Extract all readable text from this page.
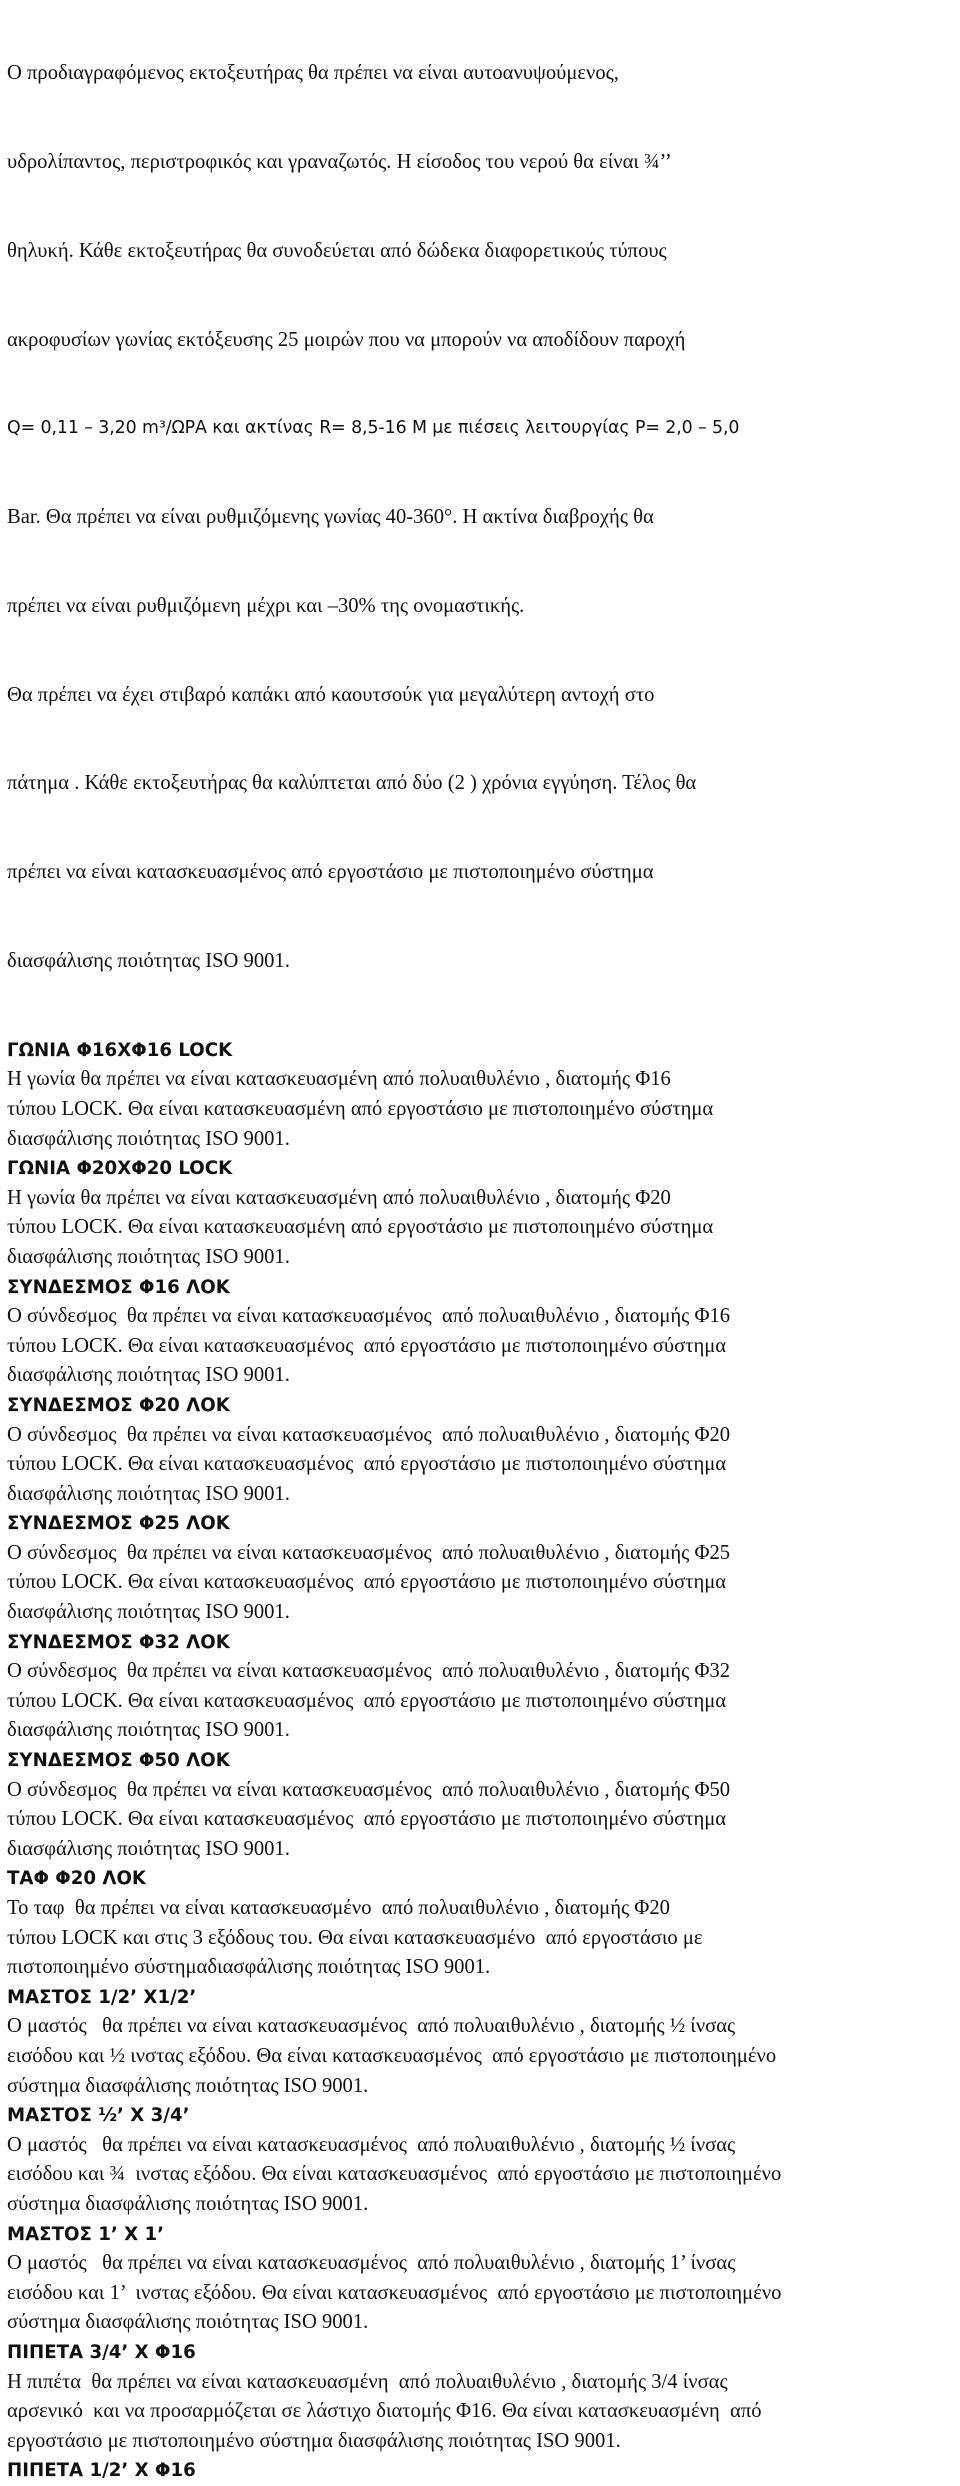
Ο προδιαγραφόμενος εκτοξευτήρας θα πρέπει να είναι αυτοανυψούμενος,

υδρολίπαντος, περιστροφικός και γραναζωτός. Η είσοδος του νερού θα είναι ¾’’

θηλυκή. Κάθε εκτοξευτήρας θα συνοδεύεται από δώδεκα διαφορετικούς τύπους

ακροφυσίων γωνίας εκτόξευσης 25 μοιρών που να μπορούν να αποδίδουν παροχή

Q= 0,11 – 3,20 m³/ΩΡΑ και ακτίνας R= 8,5-16 M με πιέσεις λειτουργίας P= 2,0 – 5,0

Bar. Θα πρέπει να είναι ρυθμιζόμενης γωνίας 40-360°. Η ακτίνα διαβροχής θα

πρέπει να είναι ρυθμιζόμενη μέχρι και –30% της ονομαστικής.

Θα πρέπει να έχει στιβαρό καπάκι από καουτσούκ για μεγαλύτερη αντοχή στο

πάτημα . Κάθε εκτοξευτήρας θα καλύπτεται από δύο (2 ) χρόνια εγγύηση. Τέλος θα

πρέπει να είναι κατασκευασμένος από εργοστάσιο με πιστοποιημένο σύστημα

διασφάλισης ποιότητας ISO 9001.

ΓΩΝΙΑ Φ16ΧΦ16 LOCK
Η γωνία θα πρέπει να είναι κατασκευασμένη από πολυαιθυλένιο , διατομής Φ16
τύπου LOCK. Θα είναι κατασκευασμένη από εργοστάσιο με πιστοποιημένο σύστημα
διασφάλισης ποιότητας ISO 9001.
ΓΩΝΙΑ Φ20ΧΦ20 LOCK
Η γωνία θα πρέπει να είναι κατασκευασμένη από πολυαιθυλένιο , διατομής Φ20
τύπου LOCK. Θα είναι κατασκευασμένη από εργοστάσιο με πιστοποιημένο σύστημα
διασφάλισης ποιότητας ISO 9001.
ΣΥΝΔΕΣΜΟΣ Φ16 ΛΟΚ
Ο σύνδεσμος  θα πρέπει να είναι κατασκευασμένος  από πολυαιθυλένιο , διατομής Φ16
τύπου LOCK. Θα είναι κατασκευασμένος  από εργοστάσιο με πιστοποιημένο σύστημα
διασφάλισης ποιότητας ISO 9001.
ΣΥΝΔΕΣΜΟΣ Φ20 ΛΟΚ
Ο σύνδεσμος  θα πρέπει να είναι κατασκευασμένος  από πολυαιθυλένιο , διατομής Φ20
τύπου LOCK. Θα είναι κατασκευασμένος  από εργοστάσιο με πιστοποιημένο σύστημα
διασφάλισης ποιότητας ISO 9001.
ΣΥΝΔΕΣΜΟΣ Φ25 ΛΟΚ
Ο σύνδεσμος  θα πρέπει να είναι κατασκευασμένος  από πολυαιθυλένιο , διατομής Φ25
τύπου LOCK. Θα είναι κατασκευασμένος  από εργοστάσιο με πιστοποιημένο σύστημα
διασφάλισης ποιότητας ISO 9001.
ΣΥΝΔΕΣΜΟΣ Φ32 ΛΟΚ
Ο σύνδεσμος  θα πρέπει να είναι κατασκευασμένος  από πολυαιθυλένιο , διατομής Φ32
τύπου LOCK. Θα είναι κατασκευασμένος  από εργοστάσιο με πιστοποιημένο σύστημα
διασφάλισης ποιότητας ISO 9001.
ΣΥΝΔΕΣΜΟΣ Φ50 ΛΟΚ
Ο σύνδεσμος  θα πρέπει να είναι κατασκευασμένος  από πολυαιθυλένιο , διατομής Φ50
τύπου LOCK. Θα είναι κατασκευασμένος  από εργοστάσιο με πιστοποιημένο σύστημα
διασφάλισης ποιότητας ISO 9001.
ΤΑΦ Φ20 ΛΟΚ
Το ταφ  θα πρέπει να είναι κατασκευασμένο  από πολυαιθυλένιο , διατομής Φ20
τύπου LOCK και στις 3 εξόδους του. Θα είναι κατασκευασμένο  από εργοστάσιο με
πιστοποιημένο σύστημαδιασφάλισης ποιότητας ISO 9001.
ΜΑΣΤΟΣ 1/2’ Χ1/2’
Ο μαστός   θα πρέπει να είναι κατασκευασμένος  από πολυαιθυλένιο , διατομής ½ ίνσας
εισόδου και ½ ινστας εξόδου. Θα είναι κατασκευασμένος  από εργοστάσιο με πιστοποιημένο
σύστημα διασφάλισης ποιότητας ISO 9001.
ΜΑΣΤΟΣ ½’ Χ 3/4’
Ο μαστός   θα πρέπει να είναι κατασκευασμένος  από πολυαιθυλένιο , διατομής ½ ίνσας
εισόδου και ¾  ινστας εξόδου. Θα είναι κατασκευασμένος  από εργοστάσιο με πιστοποιημένο
σύστημα διασφάλισης ποιότητας ISO 9001.
ΜΑΣΤΟΣ 1’ Χ 1’
Ο μαστός   θα πρέπει να είναι κατασκευασμένος  από πολυαιθυλένιο , διατομής 1’ ίνσας
εισόδου και 1’  ινστας εξόδου. Θα είναι κατασκευασμένος  από εργοστάσιο με πιστοποιημένο
σύστημα διασφάλισης ποιότητας ISO 9001.
ΠΙΠΕΤΑ 3/4’ Χ Φ16
Η πιπέτα  θα πρέπει να είναι κατασκευασμένη  από πολυαιθυλένιο , διατομής 3/4 ίνσας
αρσενικό  και να προσαρμόζεται σε λάστιχο διατομής Φ16. Θα είναι κατασκευασμένη  από
εργοστάσιο με πιστοποιημένο σύστημα διασφάλισης ποιότητας ISO 9001.
ΠΙΠΕΤΑ 1/2’ Χ Φ16
